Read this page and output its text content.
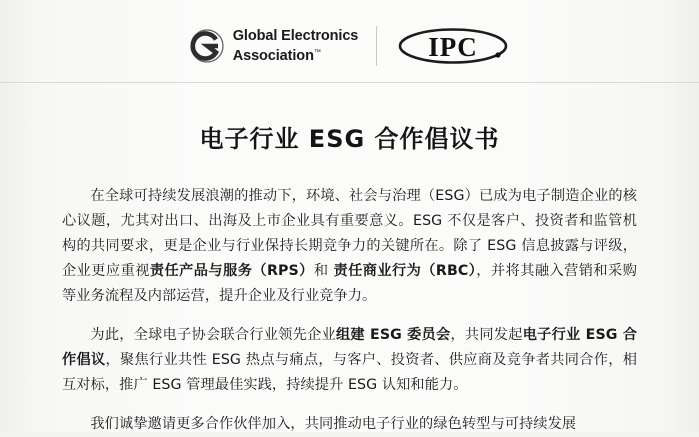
Global Electronics
Association™	IPC
电子行业 ESG 合作倡议书

在全球可持续发展浪潮的推动下，环境、社会与治理（ESG）已成为电子制造企业的核心议题，尤其对出口、出海及上市企业具有重要意义。ESG 不仅是客户、投资者和监管机构的共同要求，更是企业与行业保持长期竞争力的关键所在。除了 ESG 信息披露与评级，企业更应重视责任产品与服务（RPS）和 责任商业行为（RBC），并将其融入营销和采购等业务流程及内部运营，提升企业及行业竞争力。

为此，全球电子协会联合行业领先企业组建 ESG 委员会，共同发起电子行业 ESG 合作倡议，聚焦行业共性 ESG 热点与痛点，与客户、投资者、供应商及竞争者共同合作，相互对标，推广 ESG 管理最佳实践，持续提升 ESG 认知和能力。

我们诚挚邀请更多合作伙伴加入，共同推动电子行业的绿色转型与可持续发展
